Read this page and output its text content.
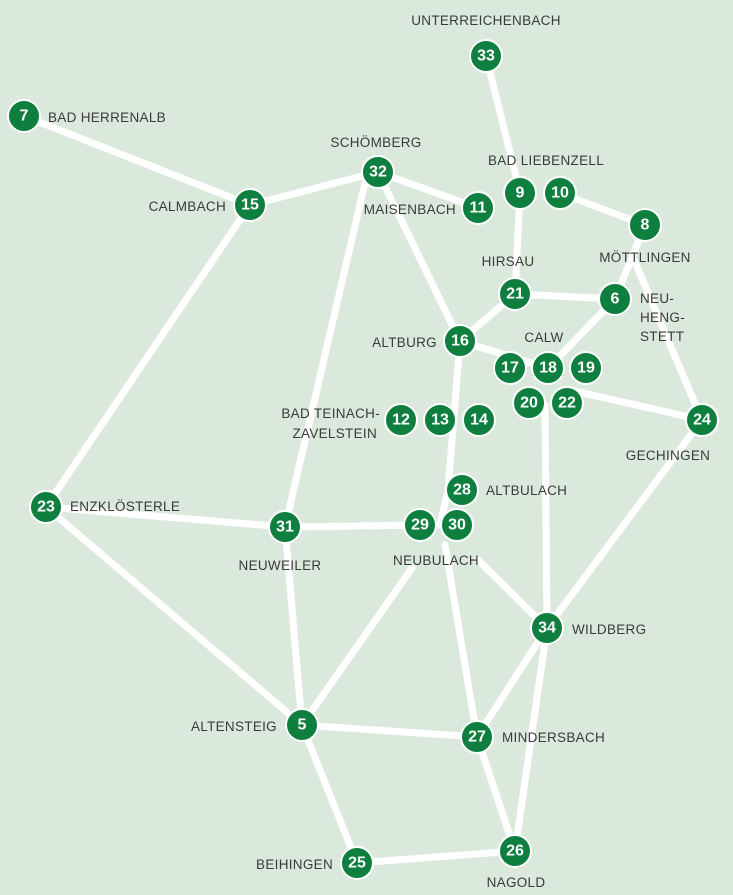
5
6
7
8
9 10
11
12 13 14
15
16
17 18 19
20
21
22
23
24
25
26
27
28
29 30
31
32
33
34
UNTERREICHENBACH
BAD HERRENALB
SCHÖMBERG
BAD LIEBENZELL
CALMBACH	MAISENBACH
MÖTTLINGEN
HIRSAU
NEU-
HENG-
STETT
CALW
ALTBURG
BAD TEINACH-
ZAVELSTEIN
GECHINGEN
ALTBULACH
ENZKLÖSTERLE
NEUWEILER	NEUBULACH
WILDBERG
ALTENSTEIG
MINDERSBACH
BEIHINGEN
NAGOLD
